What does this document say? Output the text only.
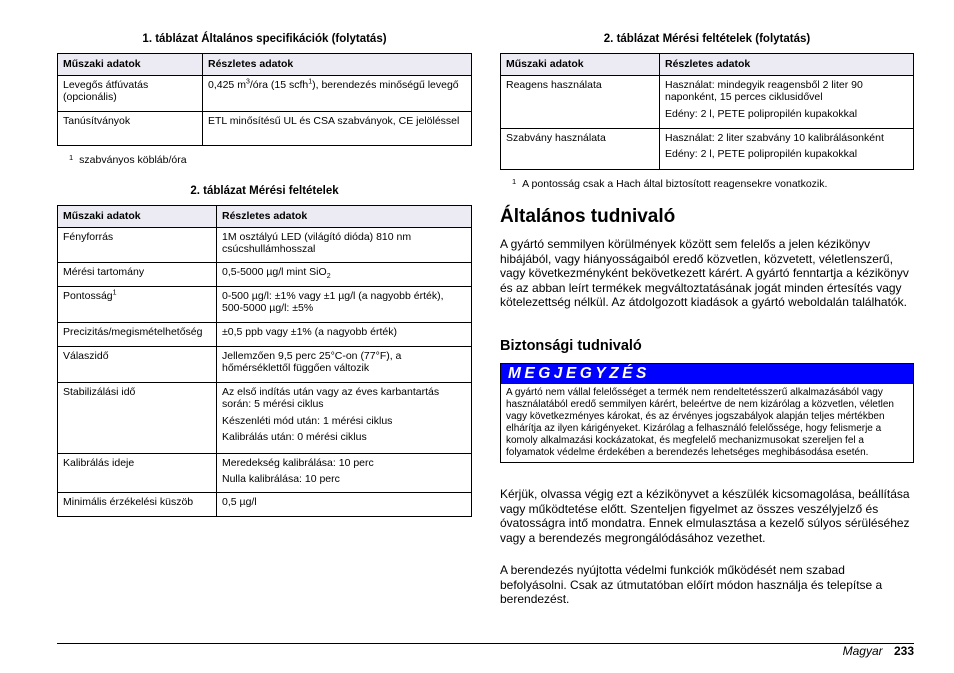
1. táblázat Általános specifikációk (folytatás)
Műszaki adatok	Részletes adatok
Levegős átfúvatás (opcionális)	0,425 $m^3$/óra (15 scfh$^1$), berendezés minőségű levegő
Tanúsítványok	ETL minősítésű UL és CSA szabványok, CE jelöléssel
$^1$ szabványos köbláb/óra
2. táblázat Mérési feltételek
Műszaki adatok	Részletes adatok
Fényforrás	1M osztályú LED (világító dióda) 810 nm csúcshullámhosszal
Mérési tartomány	0,5-5000 µg/l mint SiO$_2$
Pontosság$^1$	0-500 µg/l: ±1% vagy ±1 µg/l (a nagyobb érték), 500-5000 µg/l: ±5%
Precizitás/megismételhetőség	±0,5 ppb vagy ±1% (a nagyobb érték)
Válaszidő	Jellemzően 9,5 perc 25°C-on (77°F), a hőmérséklettől függően változik
Stabilizálási idő	Az első indítás után vagy az éves karbantartás során: 5 mérési ciklus
Készenléti mód után: 1 mérési ciklus
Kalibrálás után: 0 mérési ciklus

Kalibrálás ideje	Meredekség kalibrálása: 10 perc
Nulla kalibrálása: 10 perc

Minimális érzékelési küszöb	0,5 µg/l
2. táblázat Mérési feltételek (folytatás)
Műszaki adatok	Részletes adatok
Reagens használata	Használat: mindegyik reagensből 2 liter 90 naponként, 15 perces ciklusidővel
Edény: 2 l, PETE polipropilén kupakokkal

Szabvány használata	Használat: 2 liter szabvány 10 kalibrálásonként
Edény: 2 l, PETE polipropilén kupakokkal
$^1$ A pontosság csak a Hach által biztosított reagensekre vonatkozik.
Általános tudnivaló

A gyártó semmilyen körülmények között sem felelős a jelen kézikönyv hibájából, vagy hiányosságaiból eredő közvetlen, közvetett, véletlenszerű, vagy következményként bekövetkezett kárért. A gyártó fenntartja a kézikönyv és az abban leírt termékek megváltoztatásának jogát minden értesítés vagy kötelezettség nélkül. Az átdolgozott kiadások a gyártó weboldalán találhatók.

Biztonsági tudnivaló
MEGJEGYZÉS
A gyártó nem vállal felelősséget a termék nem rendeltetésszerű alkalmazásából vagy használatából eredő semmilyen kárért, beleértve de nem kizárólag a közvetlen, véletlen vagy következményes károkat, és az érvényes jogszabályok alapján teljes mértékben elhárítja az ilyen kárigényeket. Kizárólag a felhasználó felelőssége, hogy felismerje a komoly alkalmazási kockázatokat, és megfelelő mechanizmusokat szereljen fel a folyamatok védelme érdekében a berendezés lehetséges meghibásodása esetén.

Kérjük, olvassa végig ezt a kézikönyvet a készülék kicsomagolása, beállítása vagy működtetése előtt. Szenteljen figyelmet az összes veszélyjelző és óvatosságra intő mondatra. Ennek elmulasztása a kezelő súlyos sérüléséhez vagy a berendezés megrongálódásához vezethet.

A berendezés nyújtotta védelmi funkciók működését nem szabad befolyásolni. Csak az útmutatóban előírt módon használja és telepítse a berendezést.

Magyar 233
